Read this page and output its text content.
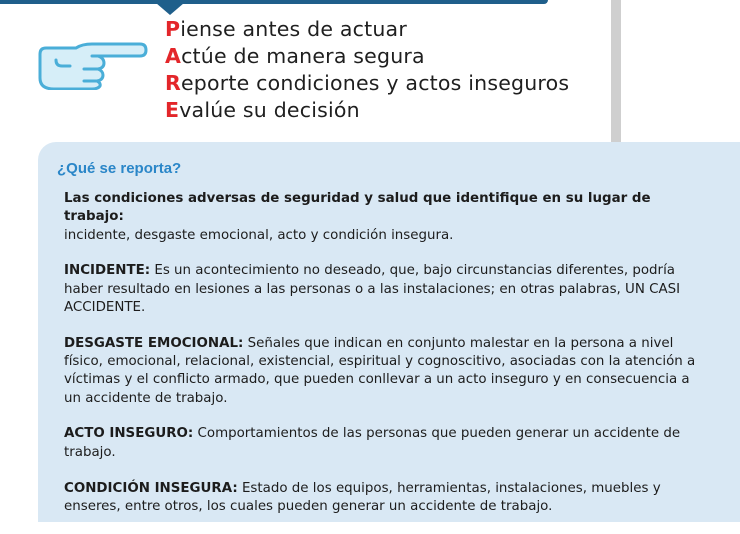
Piense antes de actuar
Actúe de manera segura
Reporte condiciones y actos inseguros
Evalúe su decisión
¿Qué se reporta?

Las condiciones adversas de seguridad y salud que identifique en su lugar de trabajo:
incidente, desgaste emocional, acto y condición insegura.

INCIDENTE: Es un acontecimiento no deseado, que, bajo circunstancias diferentes, podría haber resultado en lesiones a las personas o a las instalaciones; en otras palabras, UN CASI ACCIDENTE.

DESGASTE EMOCIONAL: Señales que indican en conjunto malestar en la persona a nivel físico, emocional, relacional, existencial, espiritual y cognoscitivo, asociadas con la atención a víctimas y el conflicto armado, que pueden conllevar a un acto inseguro y en consecuencia a un accidente de trabajo.

ACTO INSEGURO: Comportamientos de las personas que pueden generar un accidente de trabajo.

CONDICIÓN INSEGURA: Estado de los equipos, herramientas, instalaciones, muebles y enseres, entre otros, los cuales pueden generar un accidente de trabajo.
